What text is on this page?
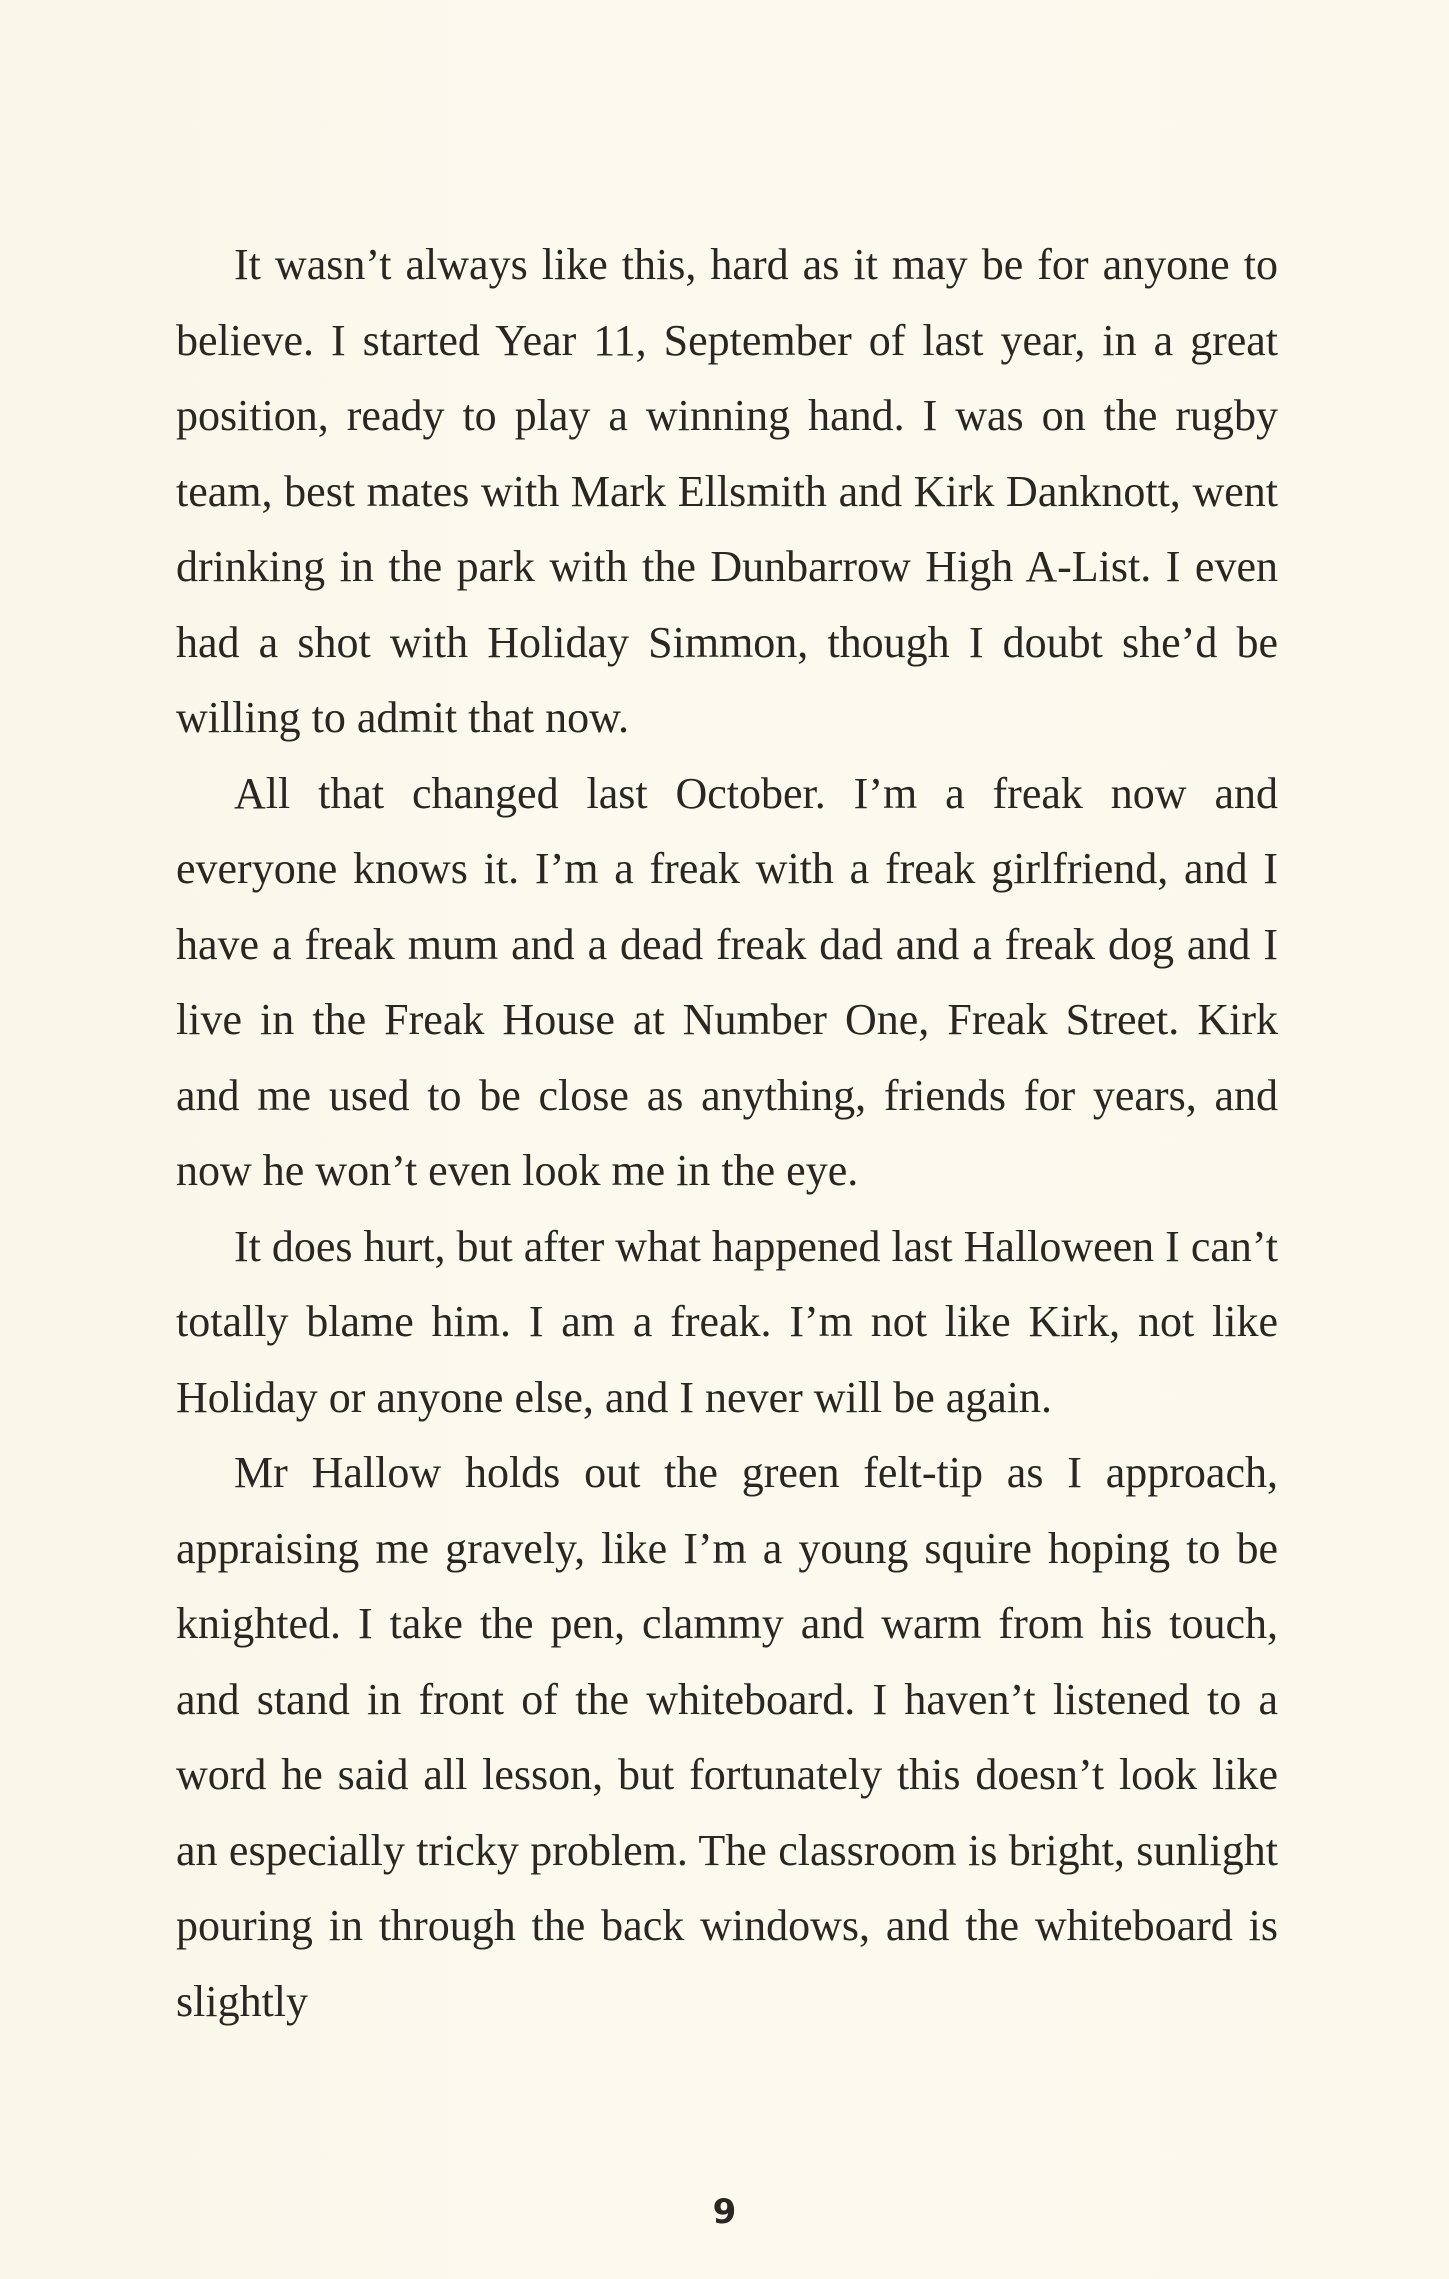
It wasn’t always like this, hard as it may be for anyone to believe. I started Year 11, September of last year, in a great position, ready to play a winning hand. I was on the rugby team, best mates with Mark Ellsmith and Kirk Danknott, went drinking in the park with the Dunbarrow High A-List. I even had a shot with Holiday Simmon, though I doubt she’d be willing to admit that now.

All that changed last October. I’m a freak now and everyone knows it. I’m a freak with a freak girlfriend, and I have a freak mum and a dead freak dad and a freak dog and I live in the Freak House at Number One, Freak Street. Kirk and me used to be close as anything, friends for years, and now he won’t even look me in the eye.

It does hurt, but after what happened last Halloween I can’t totally blame him. I am a freak. I’m not like Kirk, not like Holiday or anyone else, and I never will be again.

Mr Hallow holds out the green felt-tip as I approach, appraising me gravely, like I’m a young squire hoping to be knighted. I take the pen, clammy and warm from his touch, and stand in front of the whiteboard. I haven’t listened to a word he said all lesson, but fortunately this doesn’t look like an especially tricky problem. The classroom is bright, sunlight pouring in through the back windows, and the whiteboard is slightly

9
